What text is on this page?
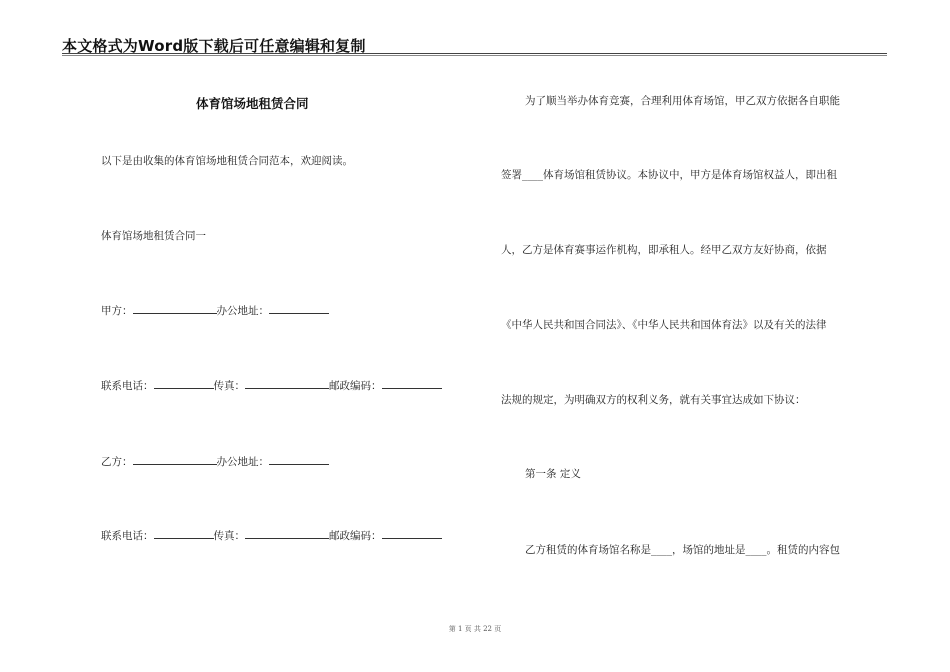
本文格式为Word版下载后可任意编辑和复制
体育馆场地租赁合同
以下是由收集的体育馆场地租赁合同范本，欢迎阅读。
体育馆场地租赁合同一
甲方：	办公地址：
联系电话：	传真：	邮政编码：
乙方：	办公地址：
联系电话：	传真：	邮政编码：
为了顺当举办体育竞赛，合理利用体育场馆，甲乙双方依据各自职能
签署____体育场馆租赁协议。本协议中，甲方是体育场馆权益人，即出租
人，乙方是体育赛事运作机构，即承租人。经甲乙双方友好协商，依据
《中华人民共和国合同法》、《中华人民共和国体育法》以及有关的法律
法规的规定，为明确双方的权利义务，就有关事宜达成如下协议：
第一条 定义
乙方租赁的体育场馆名称是____，场馆的地址是____。租赁的内容包
第 1 页 共 22 页
